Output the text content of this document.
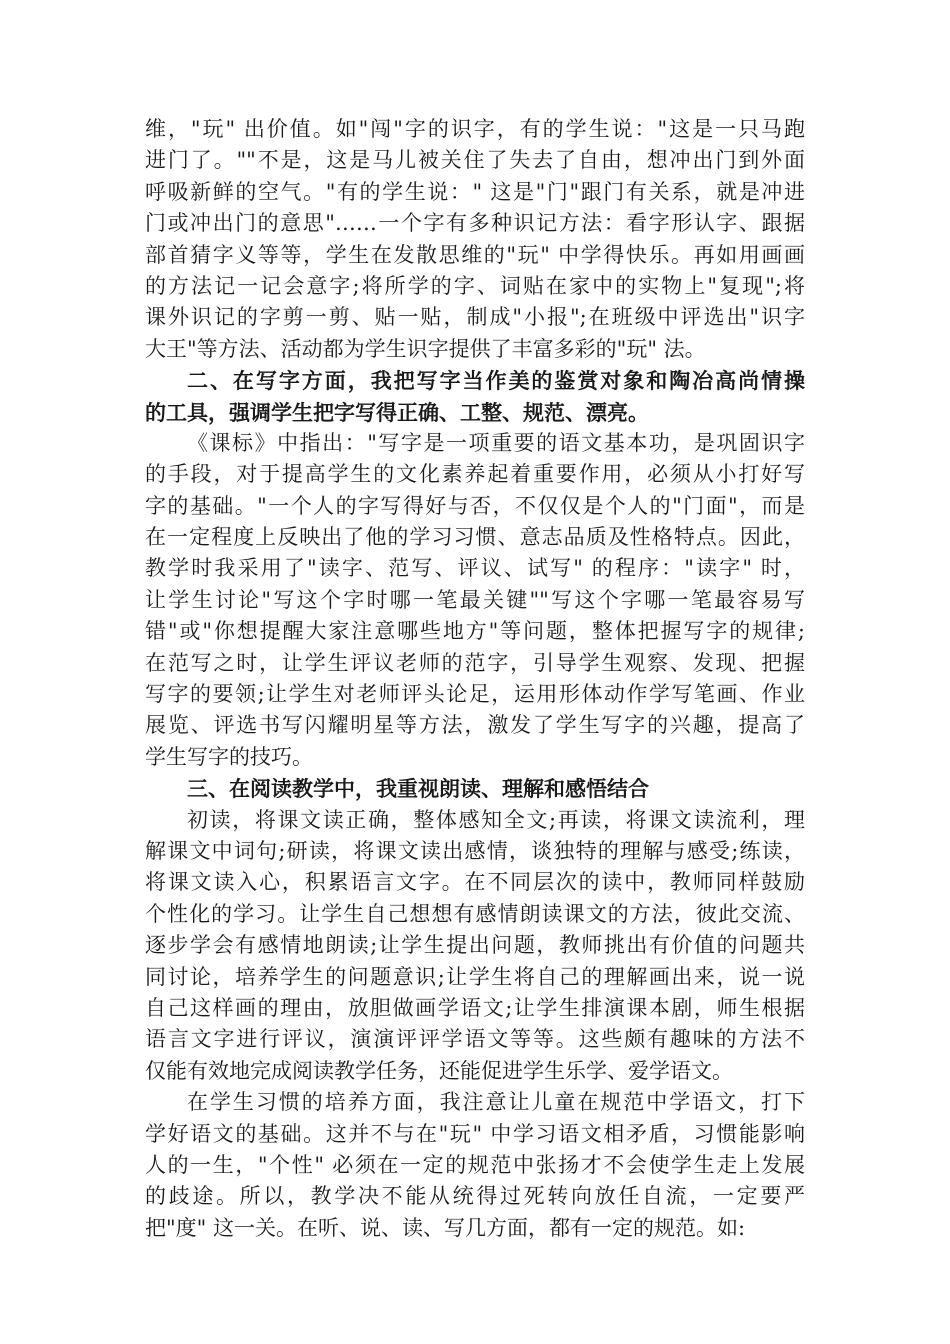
维，"玩" 出价值。如"闯"字的识字，有的学生说："这是一只马跑
进门了。""不是，这是马儿被关住了失去了自由，想冲出门到外面
呼吸新鲜的空气。"有的学生说：" 这是"门"跟门有关系，就是冲进
门或冲出门的意思"……一个字有多种识记方法：看字形认字、跟据
部首猜字义等等，学生在发散思维的"玩" 中学得快乐。再如用画画
的方法记一记会意字;将所学的字、词贴在家中的实物上"复现";将
课外识记的字剪一剪、贴一贴，制成"小报";在班级中评选出"识字
大王"等方法、活动都为学生识字提供了丰富多彩的"玩" 法。
二、在写字方面，我把写字当作美的鉴赏对象和陶冶高尚情操
的工具，强调学生把字写得正确、工整、规范、漂亮。
《课标》中指出："写字是一项重要的语文基本功，是巩固识字
的手段，对于提高学生的文化素养起着重要作用，必须从小打好写
字的基础。"一个人的字写得好与否，不仅仅是个人的"门面"，而是
在一定程度上反映出了他的学习习惯、意志品质及性格特点。因此，
教学时我采用了"读字、范写、评议、试写" 的程序："读字" 时，
让学生讨论"写这个字时哪一笔最关键""写这个字哪一笔最容易写
错"或"你想提醒大家注意哪些地方"等问题，整体把握写字的规律;
在范写之时，让学生评议老师的范字，引导学生观察、发现、把握
写字的要领;让学生对老师评头论足，运用形体动作学写笔画、作业
展览、评选书写闪耀明星等方法，激发了学生写字的兴趣，提高了
学生写字的技巧。
三、在阅读教学中，我重视朗读、理解和感悟结合
初读，将课文读正确，整体感知全文;再读，将课文读流利，理
解课文中词句;研读，将课文读出感情，谈独特的理解与感受;练读，
将课文读入心，积累语言文字。在不同层次的读中，教师同样鼓励
个性化的学习。让学生自己想想有感情朗读课文的方法，彼此交流、
逐步学会有感情地朗读;让学生提出问题，教师挑出有价值的问题共
同讨论，培养学生的问题意识;让学生将自己的理解画出来，说一说
自己这样画的理由，放胆做画学语文;让学生排演课本剧，师生根据
语言文字进行评议，演演评评学语文等等。这些颇有趣味的方法不
仅能有效地完成阅读教学任务，还能促进学生乐学、爱学语文。
在学生习惯的培养方面，我注意让儿童在规范中学语文，打下
学好语文的基础。这并不与在"玩" 中学习语文相矛盾，习惯能影响
人的一生，"个性" 必须在一定的规范中张扬才不会使学生走上发展
的歧途。所以，教学决不能从统得过死转向放任自流，一定要严
把"度" 这一关。在听、说、读、写几方面，都有一定的规范。如:
